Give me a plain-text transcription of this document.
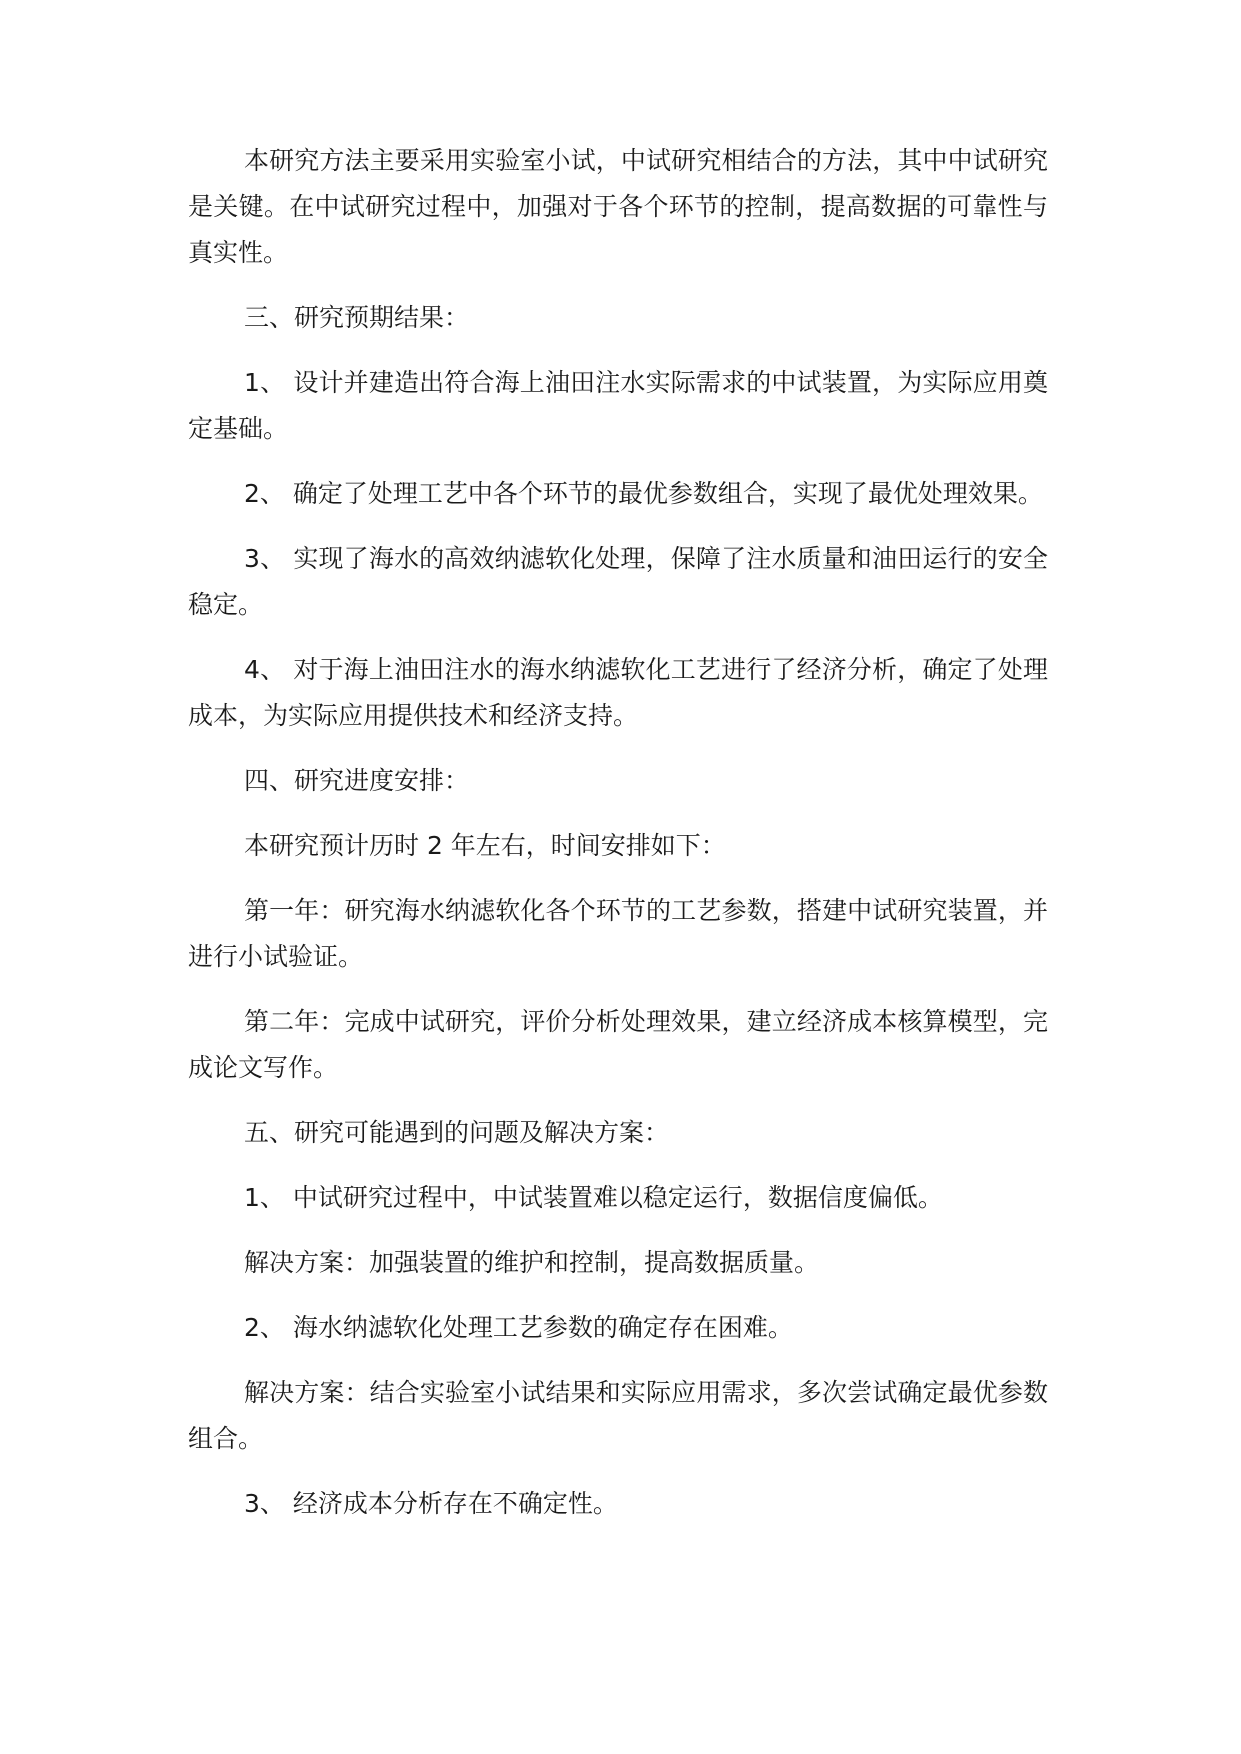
本研究方法主要采用实验室小试，中试研究相结合的方法，其中中试研究是关键。在中试研究过程中，加强对于各个环节的控制，提高数据的可靠性与真实性。

三、研究预期结果：

1、 设计并建造出符合海上油田注水实际需求的中试装置，为实际应用奠定基础。

2、 确定了处理工艺中各个环节的最优参数组合，实现了最优处理效果。

3、 实现了海水的高效纳滤软化处理，保障了注水质量和油田运行的安全稳定。

4、 对于海上油田注水的海水纳滤软化工艺进行了经济分析，确定了处理成本，为实际应用提供技术和经济支持。

四、研究进度安排：

本研究预计历时 2 年左右，时间安排如下：

第一年：研究海水纳滤软化各个环节的工艺参数，搭建中试研究装置，并进行小试验证。

第二年：完成中试研究，评价分析处理效果，建立经济成本核算模型，完成论文写作。

五、研究可能遇到的问题及解决方案：

1、 中试研究过程中，中试装置难以稳定运行，数据信度偏低。

解决方案：加强装置的维护和控制，提高数据质量。

2、 海水纳滤软化处理工艺参数的确定存在困难。

解决方案：结合实验室小试结果和实际应用需求，多次尝试确定最优参数组合。

3、 经济成本分析存在不确定性。
